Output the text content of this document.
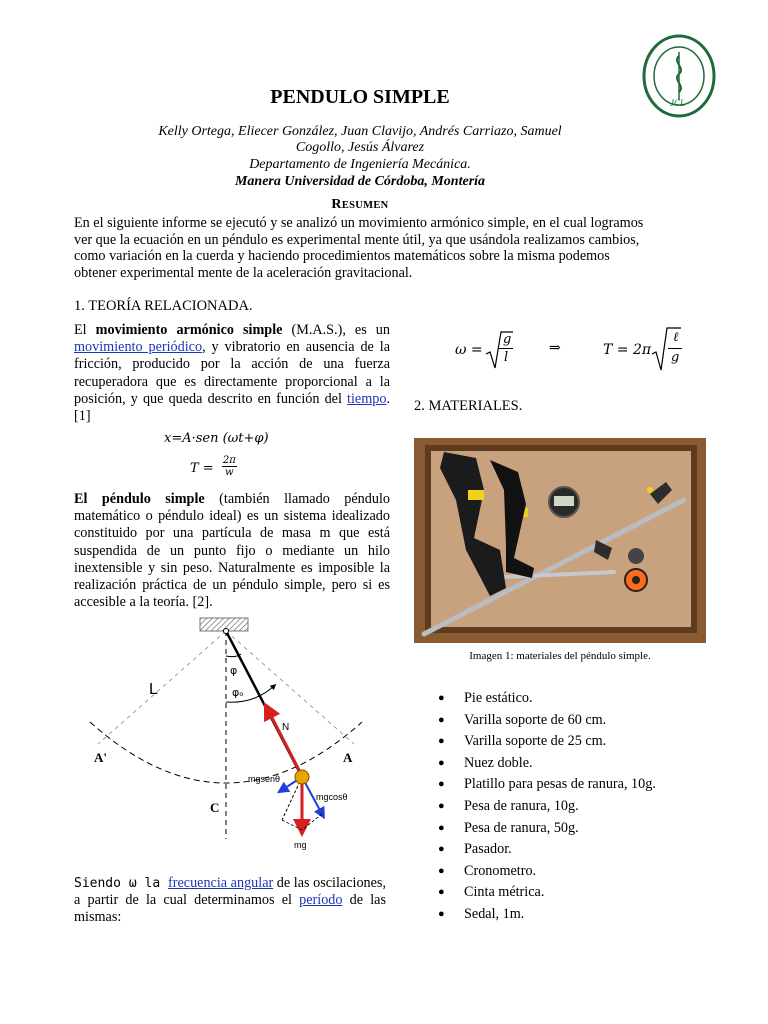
JCL
PENDULO SIMPLE
Kelly Ortega, Eliecer González, Juan Clavijo, Andrés Carriazo, Samuel
Cogollo, Jesús Álvarez
Departamento de Ingeniería Mecánica.
Manera Universidad de Córdoba, Montería
RESUMEN
En el siguiente informe se ejecutó y se analizó un movimiento armónico simple, en el cual logramos ver que la ecuación en un péndulo es experimental mente útil, ya que usándola realizamos cambios, como variación en la cuerda y haciendo procedimientos matemáticos sobre la misma podemos obtener experimental mente de la aceleración gravitacional.
1. TEORÍA RELACIONADA.
El movimiento armónico simple (M.A.S.), es un movimiento periódico, y vibratorio en ausencia de la fricción, producido por la acción de una fuerza recuperadora que es directamente proporcional a la posición, y que queda descrito en función del tiempo. [1]
x=A·sen (ωt+φ)
$T = \frac{2\pi}{w}$
El péndulo simple (también llamado péndulo matemático o péndulo ideal) es un sistema idealizado constituido por una partícula de masa m que está suspendida de un punto fijo o mediante un hilo inextensible y sin peso. Naturalmente es imposible la realización práctica de un péndulo simple, pero si es accesible a la teoría. [2].
L
φ
φₒ
N
A'	A
C
mgsenθ
mgcosθ
mg
Siendo ω la frecuencia angular de las oscilaciones, a partir de la cual determinamos el período de las mismas:
ω =
g
l
⇒	T = 2π
ℓ
g
2. MATERIALES.
Imagen 1: materiales del péndulo simple.
● Pie estático.
● Varilla soporte de 60 cm.
● Varilla soporte de 25 cm.
● Nuez doble.
● Platillo para pesas de ranura, 10g.
● Pesa de ranura, 10g.
● Pesa de ranura, 50g.
● Pasador.
● Cronometro.
● Cinta métrica.
● Sedal, 1m.
